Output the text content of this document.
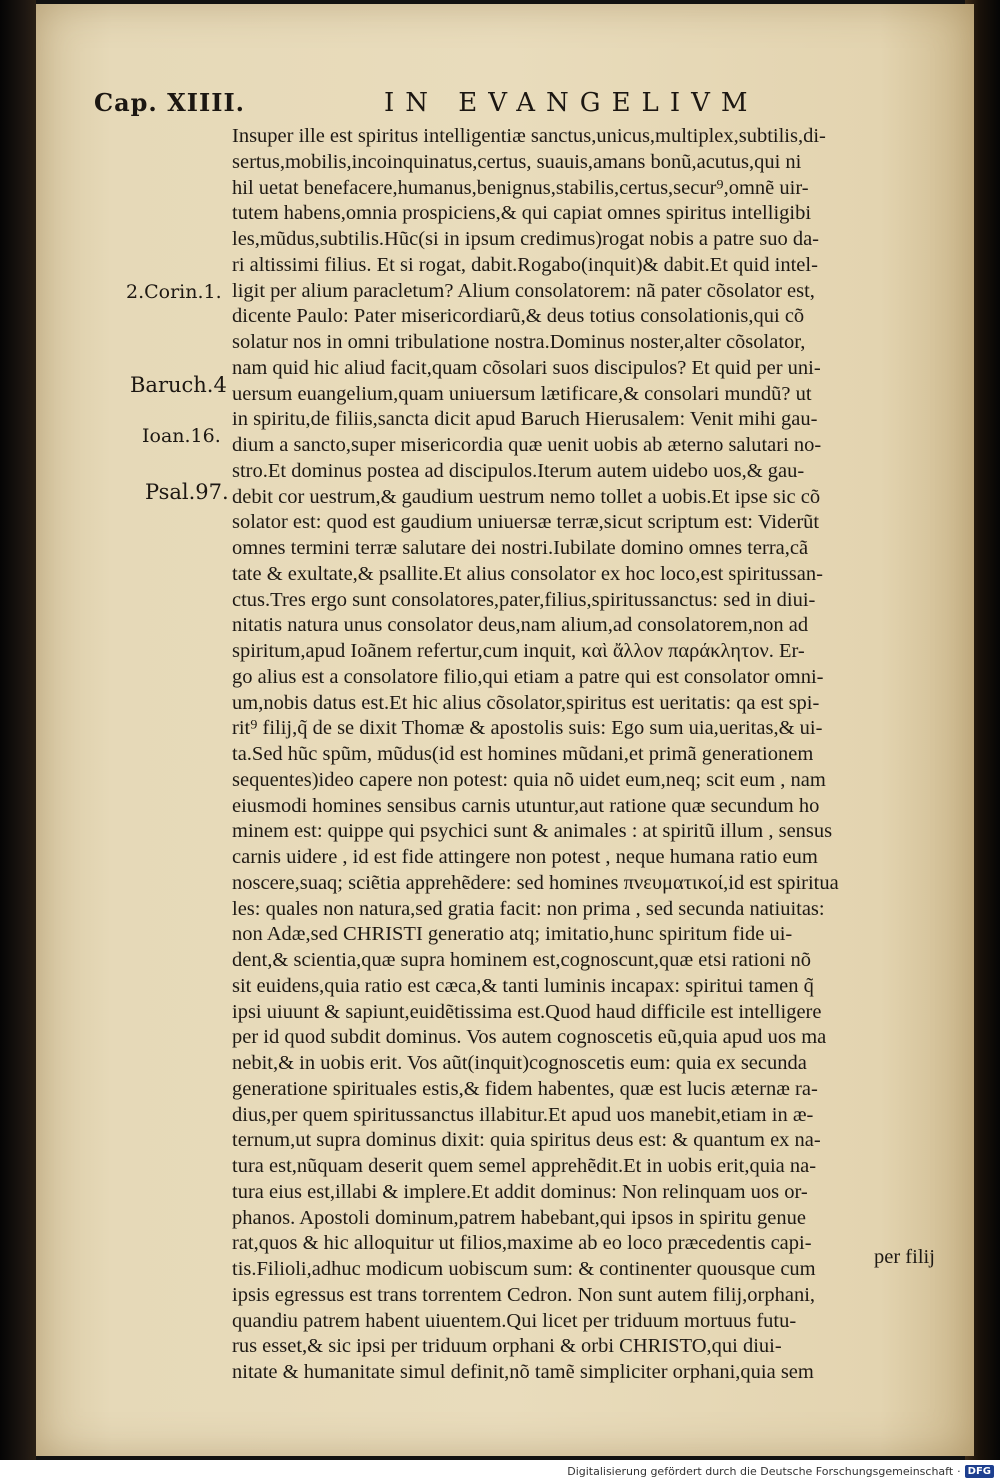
Cap. XIIII.	IN EVANGELIVM
2.Corin.1.
Baruch.4
Ioan.16.
Psal.97.
Insuper ille est spiritus intelligentiæ sanctus,unicus,multiplex,subtilis,di-
sertus,mobilis,incoinquinatus,certus, suauis,amans bonũ,acutus,qui ni
hil uetat benefacere,humanus,benignus,stabilis,certus,secur⁹,omnẽ uir-
tutem habens,omnia prospiciens,& qui capiat omnes spiritus intelligibi
les,mũdus,subtilis.Hũc(si in ipsum credimus)rogat nobis a patre suo da-
ri altissimi filius. Et si rogat, dabit.Rogabo(inquit)& dabit.Et quid intel-
ligit per alium paracletum? Alium consolatorem: nã pater cõsolator est,
dicente Paulo: Pater misericordiarũ,& deus totius consolationis,qui cõ
solatur nos in omni tribulatione nostra.Dominus noster,alter cõsolator,
nam quid hic aliud facit,quam cõsolari suos discipulos? Et quid per uni-
uersum euangelium,quam uniuersum lætificare,& consolari mundũ? ut
in spiritu,de filiis,sancta dicit apud Baruch Hierusalem: Venit mihi gau-
dium a sancto,super misericordia quæ uenit uobis ab æterno salutari no-
stro.Et dominus postea ad discipulos.Iterum autem uidebo uos,& gau-
debit cor uestrum,& gaudium uestrum nemo tollet a uobis.Et ipse sic cõ
solator est: quod est gaudium uniuersæ terræ,sicut scriptum est: Viderũt
omnes termini terræ salutare dei nostri.Iubilate domino omnes terra,cã
tate & exultate,& psallite.Et alius consolator ex hoc loco,est spiritussan-
ctus.Tres ergo sunt consolatores,pater,filius,spiritussanctus: sed in diui-
nitatis natura unus consolator deus,nam alium,ad consolatorem,non ad
spiritum,apud Ioãnem refertur,cum inquit, καὶ ἄλλον παράκλητον. Er-
go alius est a consolatore filio,qui etiam a patre qui est consolator omni-
um,nobis datus est.Et hic alius cõsolator,spiritus est ueritatis: qa est spi-
rit⁹ filij,q̃ de se dixit Thomæ & apostolis suis: Ego sum uia,ueritas,& ui-
ta.Sed hũc spũm, mũdus(id est homines mũdani,et primã generationem
sequentes)ideo capere non potest: quia nõ uidet eum,neq; scit eum , nam
eiusmodi homines sensibus carnis utuntur,aut ratione quæ secundum ho
minem est: quippe qui psychici sunt & animales : at spiritũ illum , sensus
carnis uidere , id est fide attingere non potest , neque humana ratio eum
noscere,suaq; sciẽtia apprehẽdere: sed homines πνευματικοί,id est spiritua
les: quales non natura,sed gratia facit: non prima , sed secunda natiuitas:
non Adæ,sed CHRISTI generatio atq; imitatio,hunc spiritum fide ui-
dent,& scientia,quæ supra hominem est,cognoscunt,quæ etsi rationi nõ
sit euidens,quia ratio est cæca,& tanti luminis incapax: spiritui tamen q̃
ipsi uiuunt & sapiunt,euidẽtissima est.Quod haud difficile est intelligere
per id quod subdit dominus. Vos autem cognoscetis eũ,quia apud uos ma
nebit,& in uobis erit. Vos aũt(inquit)cognoscetis eum: quia ex secunda
generatione spirituales estis,& fidem habentes, quæ est lucis æternæ ra-
dius,per quem spiritussanctus illabitur.Et apud uos manebit,etiam in æ-
ternum,ut supra dominus dixit: quia spiritus deus est: & quantum ex na-
tura est,nũquam deserit quem semel apprehẽdit.Et in uobis erit,quia na-
tura eius est,illabi & implere.Et addit dominus: Non relinquam uos or-
phanos. Apostoli dominum,patrem habebant,qui ipsos in spiritu genue
rat,quos & hic alloquitur ut filios,maxime ab eo loco præcedentis capi-
tis.Filioli,adhuc modicum uobiscum sum: & continenter quousque cum
ipsis egressus est trans torrentem Cedron. Non sunt autem filij,orphani,
quandiu patrem habent uiuentem.Qui licet per triduum mortuus futu-
rus esset,& sic ipsi per triduum orphani & orbi CHRISTO,qui diui-
nitate & humanitate simul definit,nõ tamẽ simpliciter orphani,quia sem
per filij
Digitalisierung gefördert durch die Deutsche Forschungsgemeinschaft · DFG
